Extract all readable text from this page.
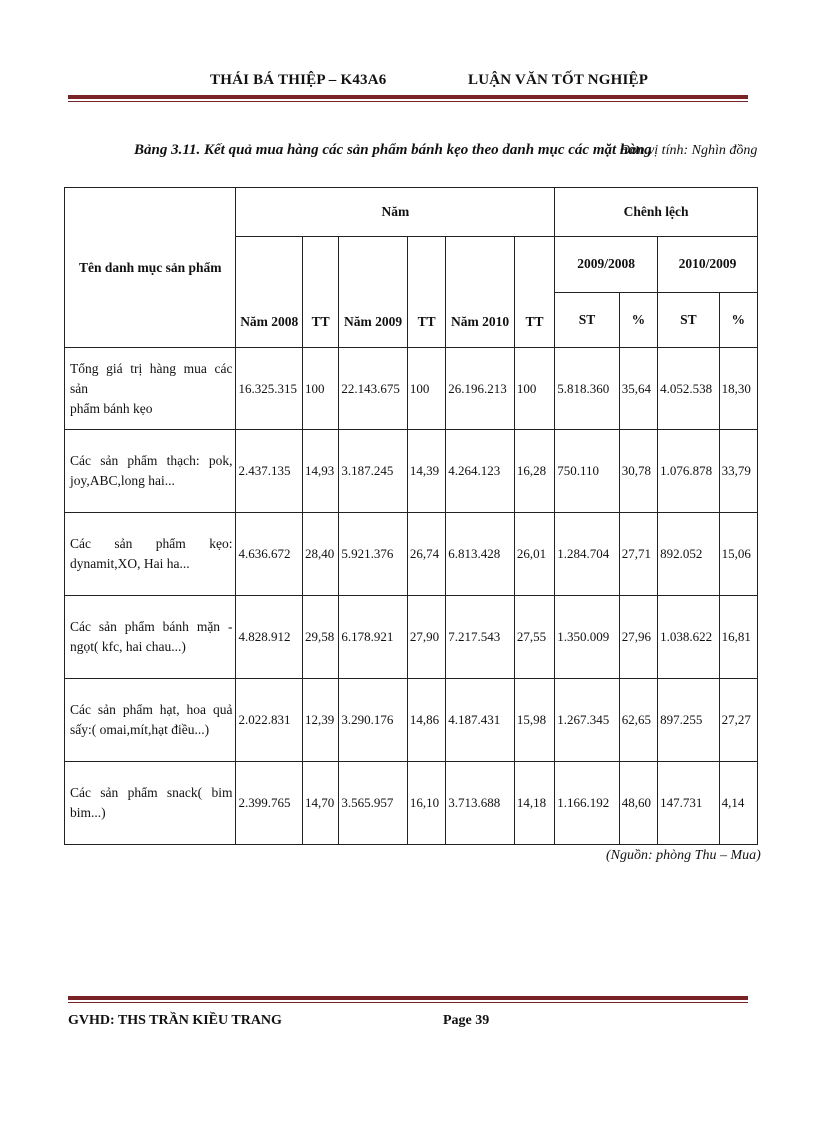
THÁI BÁ THIỆP – K43A6	LUẬN VĂN TỐT NGHIỆP
Bảng 3.11. Kết quả mua hàng các sản phẩm bánh kẹo theo danh mục các mặt hàng
Đơn vị tính: Nghìn đồng
Tên danh mục sản phẩm	Năm						Chênh lệch			
	Năm 2008	TT	Năm 2009	TT	Năm 2010	TT	2009/2008		2010/2009	
							ST	%	ST	%

Tổng giá trị hàng mua các sản
phẩm bánh kẹo	16.325.315	100	22.143.675	100	26.196.213	100	5.818.360	35,64	4.052.538	18,30

Các sản phẩm thạch: pok,
joy,ABC,long hai...	2.437.135	14,93	3.187.245	14,39	4.264.123	16,28	750.110	30,78	1.076.878	33,79

Các sản phẩm kẹo:
dynamit,XO, Hai ha...	4.636.672	28,40	5.921.376	26,74	6.813.428	26,01	1.284.704	27,71	892.052	15,06

Các sản phẩm bánh mặn -
ngọt( kfc, hai chau...)	4.828.912	29,58	6.178.921	27,90	7.217.543	27,55	1.350.009	27,96	1.038.622	16,81

Các sản phẩm hạt, hoa quả
sấy:( omai,mít,hạt điều...)	2.022.831	12,39	3.290.176	14,86	4.187.431	15,98	1.267.345	62,65	897.255	27,27

Các sản phẩm snack( bim
bim...)	2.399.765	14,70	3.565.957	16,10	3.713.688	14,18	1.166.192	48,60	147.731	4,14
(Nguồn: phòng Thu – Mua)
GVHD: THS TRẦN KIỀU TRANG	Page 39
